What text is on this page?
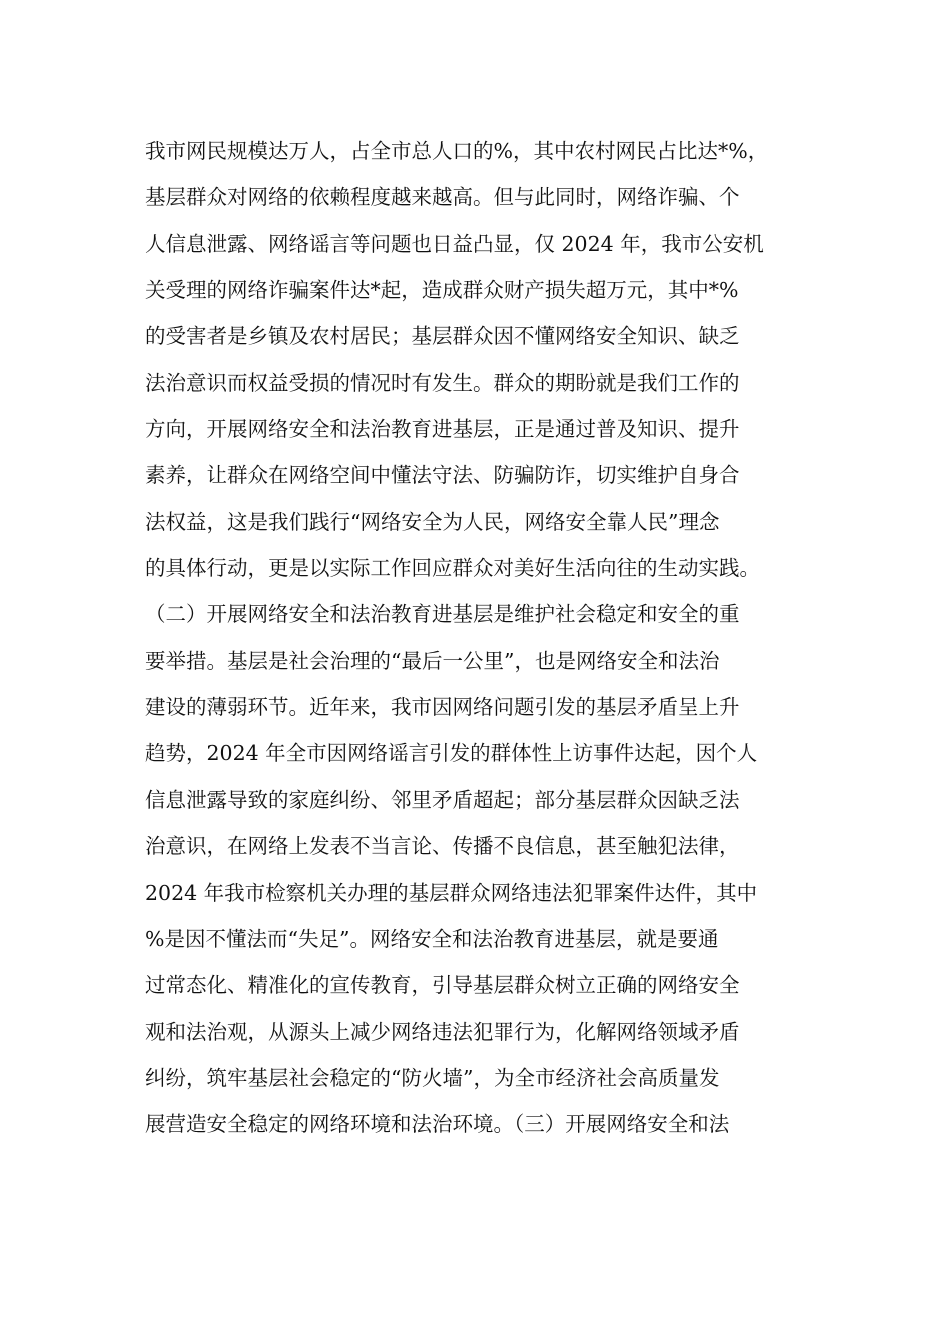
我市网民规模达万人，占全市总人口的%，其中农村网民占比达*%，
基层群众对网络的依赖程度越来越高。但与此同时，网络诈骗、个
人信息泄露、网络谣言等问题也日益凸显，仅 2024 年，我市公安机
关受理的网络诈骗案件达*起，造成群众财产损失超万元，其中*%
的受害者是乡镇及农村居民；基层群众因不懂网络安全知识、缺乏
法治意识而权益受损的情况时有发生。群众的期盼就是我们工作的
方向，开展网络安全和法治教育进基层，正是通过普及知识、提升
素养，让群众在网络空间中懂法守法、防骗防诈，切实维护自身合
法权益，这是我们践行“网络安全为人民，网络安全靠人民”理念
的具体行动，更是以实际工作回应群众对美好生活向往的生动实践。
（二）开展网络安全和法治教育进基层是维护社会稳定和安全的重
要举措。基层是社会治理的“最后一公里”，也是网络安全和法治
建设的薄弱环节。近年来，我市因网络问题引发的基层矛盾呈上升
趋势，2024 年全市因网络谣言引发的群体性上访事件达起，因个人
信息泄露导致的家庭纠纷、邻里矛盾超起；部分基层群众因缺乏法
治意识，在网络上发表不当言论、传播不良信息，甚至触犯法律，
2024 年我市检察机关办理的基层群众网络违法犯罪案件达件，其中
%是因不懂法而“失足”。网络安全和法治教育进基层，就是要通
过常态化、精准化的宣传教育，引导基层群众树立正确的网络安全
观和法治观，从源头上减少网络违法犯罪行为，化解网络领域矛盾
纠纷，筑牢基层社会稳定的“防火墙”，为全市经济社会高质量发
展营造安全稳定的网络环境和法治环境。（三）开展网络安全和法
